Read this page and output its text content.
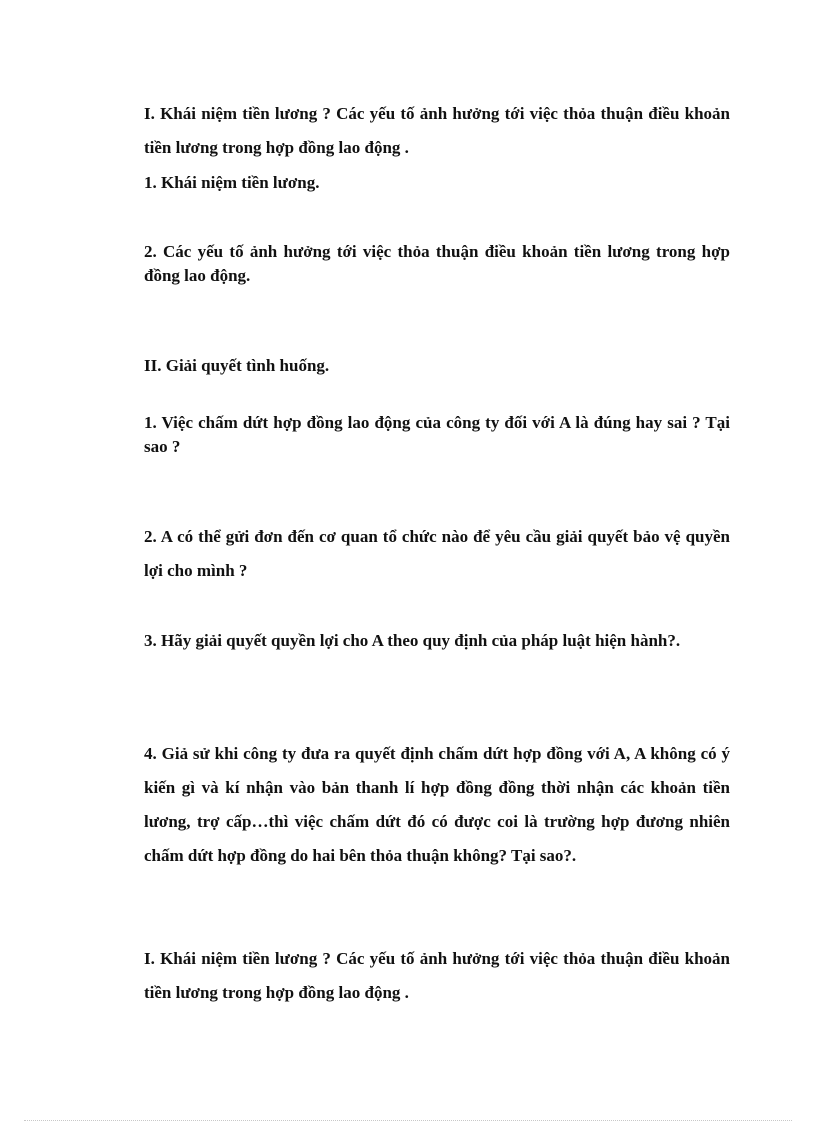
I. Khái niệm tiền lương ? Các yếu tố ảnh hưởng tới việc thỏa thuận điều khoản tiền lương trong hợp đồng lao động .

1. Khái niệm tiền lương.

2. Các yếu tố ảnh hưởng tới việc thỏa thuận điều khoản tiền lương trong hợp đồng lao động.

II. Giải quyết tình huống.

1. Việc chấm dứt hợp đồng lao động của công ty đối với A là đúng hay sai ? Tại sao ?

2. A có thể gửi đơn đến cơ quan tổ chức nào để yêu cầu giải quyết bảo vệ quyền lợi cho mình ?

3. Hãy giải quyết quyền lợi cho A theo quy định của pháp luật hiện hành?.

4. Giả sử khi công ty đưa ra quyết định chấm dứt hợp đồng với A, A không có ý kiến gì và kí nhận vào bản thanh lí hợp đồng đồng thời nhận các khoản tiền lương, trợ cấp…thì việc chấm dứt đó có được coi là trường hợp đương nhiên chấm dứt hợp đồng do hai bên thỏa thuận không? Tại sao?.

I. Khái niệm tiền lương ? Các yếu tố ảnh hưởng tới việc thỏa thuận điều khoản tiền lương trong hợp đồng lao động .
